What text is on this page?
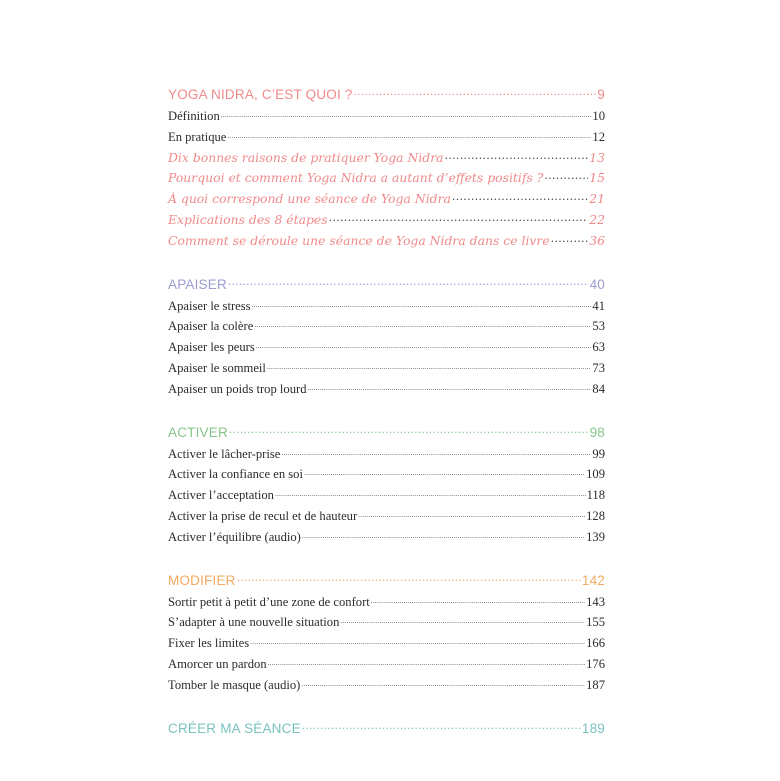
YOGA NIDRA, C’EST QUOI ? .....	9
Définition .....	10
En pratique .....	12
Dix bonnes raisons de pratiquer Yoga Nidra .....	13
Pourquoi et comment Yoga Nidra a autant d’effets positifs ? .....	15
À quoi correspond une séance de Yoga Nidra .....	21
Explications des 8 étapes .....	22
Comment se déroule une séance de Yoga Nidra dans ce livre .....	36
APAISER .....	40
Apaiser le stress .....	41
Apaiser la colère .....	53
Apaiser les peurs .....	63
Apaiser le sommeil .....	73
Apaiser un poids trop lourd .....	84
ACTIVER .....	98
Activer le lâcher-prise .....	99
Activer la confiance en soi .....	109
Activer l’acceptation .....	118
Activer la prise de recul et de hauteur .....	128
Activer l’équilibre (audio) .....	139
MODIFIER .....	142
Sortir petit à petit d’une zone de confort .....	143
S’adapter à une nouvelle situation .....	155
Fixer les limites .....	166
Amorcer un pardon .....	176
Tomber le masque (audio) .....	187
CRÉER MA SÉANCE .....	189
